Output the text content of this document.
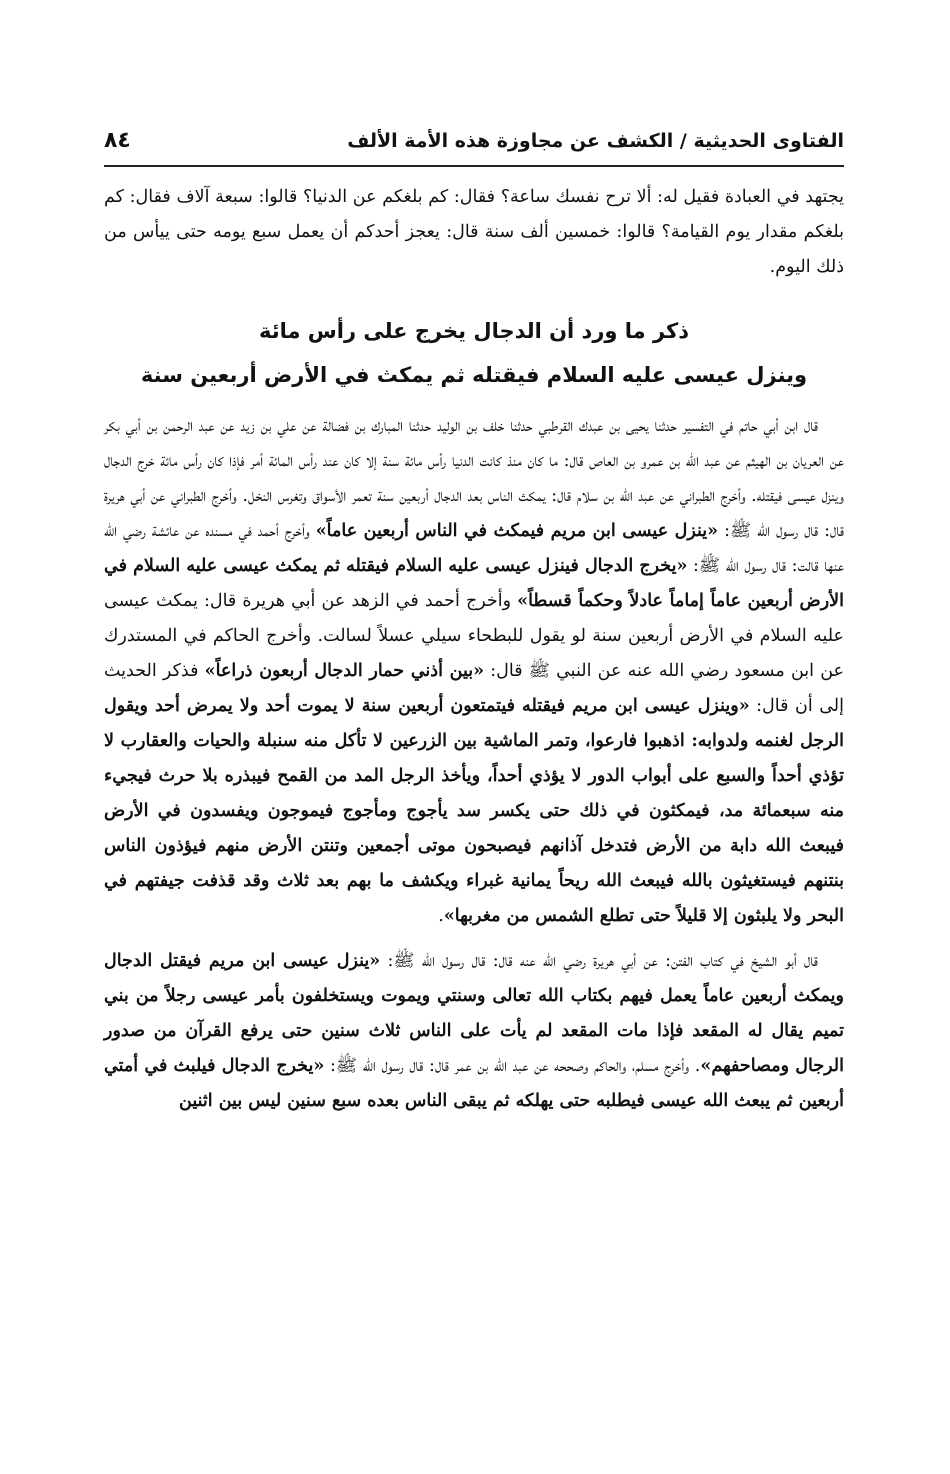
الفتاوى الحديثية / الكشف عن مجاوزة هذه الأمة الألف
٨٤

يجتهد في العبادة فقيل له: ألا ترح نفسك ساعة؟ فقال: كم بلغكم عن الدنيا؟ قالوا: سبعة آلاف فقال: كم بلغكم مقدار يوم القيامة؟ قالوا: خمسين ألف سنة قال: يعجز أحدكم أن يعمل سبع يومه حتى ييأس من ذلك اليوم.

ذكر ما ورد أن الدجال يخرج على رأس مائة

وينزل عيسى عليه السلام فيقتله ثم يمكث في الأرض أربعين سنة

قال ابن أبي حاتم في التفسير حدثنا يحيى بن عبدك القرطبي حدثنا خلف بن الوليد حدثنا المبارك بن فضالة عن علي بن زيد عن عبد الرحمن بن أبي بكر عن العريان بن الهيثم عن عبد الله بن عمرو بن العاص قال: ما كان منذ كانت الدنيا رأس مائة سنة إلا كان عند رأس المائة أمر فإذا كان رأس مائة خرج الدجال وينزل عيسى فيقتله. وأخرج الطبراني عن عبد الله بن سلام قال: يمكث الناس بعد الدجال أربعين سنة تعمر الأسواق وتغرس النخل. وأخرج الطبراني عن أبي هريرة قال: قال رسول الله ﷺ: «ينزل عيسى ابن مريم فيمكث في الناس أربعين عاماً» وأخرج أحمد في مسنده عن عائشة رضي الله عنها قالت: قال رسول الله ﷺ: «يخرج الدجال فينزل عيسى عليه السلام فيقتله ثم يمكث عيسى عليه السلام في الأرض أربعين عاماً إماماً عادلاً وحكماً قسطاً» وأخرج أحمد في الزهد عن أبي هريرة قال: يمكث عيسى عليه السلام في الأرض أربعين سنة لو يقول للبطحاء سيلي عسلاً لسالت. وأخرج الحاكم في المستدرك عن ابن مسعود رضي الله عنه عن النبي ﷺ قال: «بين أذني حمار الدجال أربعون ذراعاً» فذكر الحديث إلى أن قال: «وينزل عيسى ابن مريم فيقتله فيتمتعون أربعين سنة لا يموت أحد ولا يمرض أحد ويقول الرجل لغنمه ولدوابه: اذهبوا فارعوا، وتمر الماشية بين الزرعين لا تأكل منه سنبلة والحيات والعقارب لا تؤذي أحداً والسبع على أبواب الدور لا يؤذي أحداً، ويأخذ الرجل المد من القمح فيبذره بلا حرث فيجيء منه سبعمائة مد، فيمكثون في ذلك حتى يكسر سد يأجوج ومأجوج فيموجون ويفسدون في الأرض فيبعث الله دابة من الأرض فتدخل آذانهم فيصبحون موتى أجمعين وتنتن الأرض منهم فيؤذون الناس بنتنهم فيستغيثون بالله فيبعث الله ريحاً يمانية غبراء ويكشف ما بهم بعد ثلاث وقد قذفت جيفتهم في البحر ولا يلبثون إلا قليلاً حتى تطلع الشمس من مغربها».

قال أبو الشيخ في كتاب الفتن: عن أبي هريرة رضي الله عنه قال: قال رسول الله ﷺ: «ينزل عيسى ابن مريم فيقتل الدجال ويمكث أربعين عاماً يعمل فيهم بكتاب الله تعالى وسنتي ويموت ويستخلفون بأمر عيسى رجلاً من بني تميم يقال له المقعد فإذا مات المقعد لم يأت على الناس ثلاث سنين حتى يرفع القرآن من صدور الرجال ومصاحفهم». وأخرج مسلم، والحاكم وصححه عن عبد الله بن عمر قال: قال رسول الله ﷺ: «يخرج الدجال فيلبث في أمتي أربعين ثم يبعث الله عيسى فيطلبه حتى يهلكه ثم يبقى الناس بعده سبع سنين ليس بين اثنين
